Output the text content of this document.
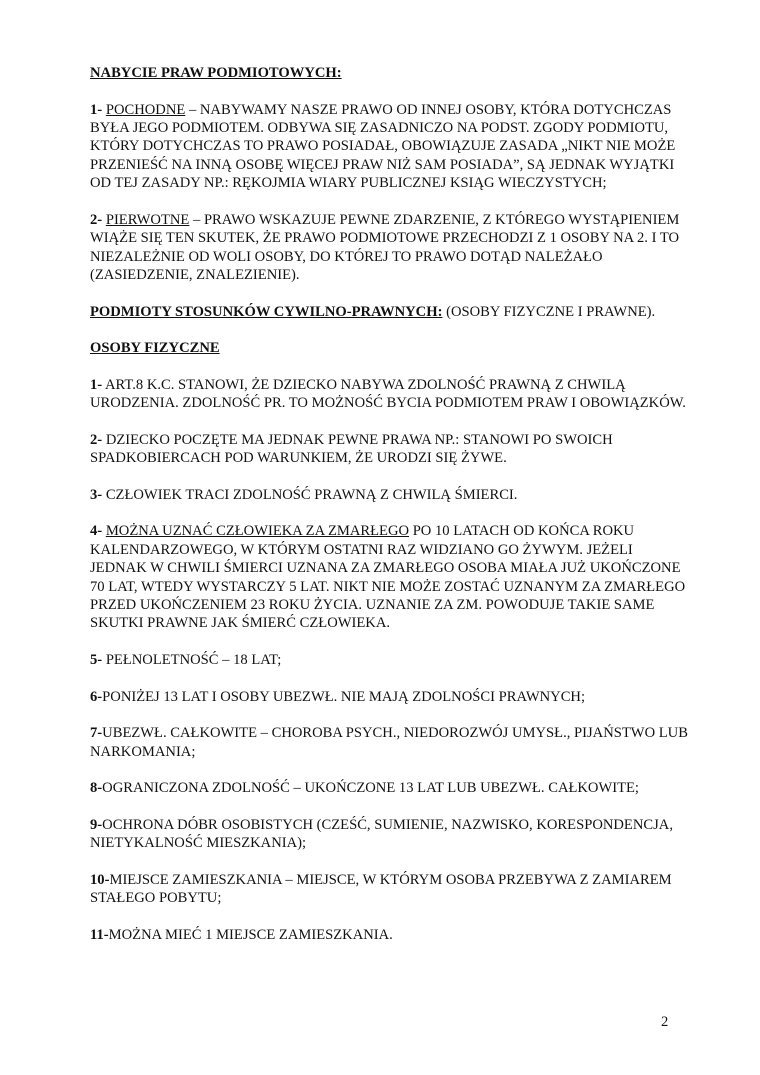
NABYCIE PRAW PODMIOTOWYCH:

1- POCHODNE – NABYWAMY NASZE PRAWO OD INNEJ OSOBY, KTÓRA DOTYCHCZAS BYŁA JEGO PODMIOTEM. ODBYWA SIĘ ZASADNICZO NA PODST. ZGODY PODMIOTU, KTÓRY DOTYCHCZAS TO PRAWO POSIADAŁ, OBOWIĄZUJE ZASADA „NIKT NIE MOŻE PRZENIEŚĆ NA INNĄ OSOBĘ WIĘCEJ PRAW NIŻ SAM POSIADA”, SĄ JEDNAK WYJĄTKI OD TEJ ZASADY NP.: RĘKOJMIA WIARY PUBLICZNEJ KSIĄG WIECZYSTYCH;

2- PIERWOTNE – PRAWO WSKAZUJE PEWNE ZDARZENIE, Z KTÓREGO WYSTĄPIENIEM WIĄŻE SIĘ TEN SKUTEK, ŻE PRAWO PODMIOTOWE PRZECHODZI Z 1 OSOBY NA 2. I TO NIEZALEŻNIE OD WOLI OSOBY, DO KTÓREJ TO PRAWO DOTĄD NALEŻAŁO (ZASIEDZENIE, ZNALEZIENIE).

PODMIOTY STOSUNKÓW CYWILNO-PRAWNYCH: (OSOBY FIZYCZNE I PRAWNE).

OSOBY FIZYCZNE

1- ART.8 K.C. STANOWI, ŻE DZIECKO NABYWA ZDOLNOŚĆ PRAWNĄ Z CHWILĄ URODZENIA. ZDOLNOŚĆ PR. TO MOŻNOŚĆ BYCIA PODMIOTEM PRAW I OBOWIĄZKÓW.

2- DZIECKO POCZĘTE MA JEDNAK PEWNE PRAWA NP.: STANOWI PO SWOICH SPADKOBIERCACH POD WARUNKIEM, ŻE URODZI SIĘ ŻYWE.

3- CZŁOWIEK TRACI ZDOLNOŚĆ PRAWNĄ Z CHWILĄ ŚMIERCI.

4- MOŻNA UZNAĆ CZŁOWIEKA ZA ZMARŁEGO PO 10 LATACH OD KOŃCA ROKU KALENDARZOWEGO, W KTÓRYM OSTATNI RAZ WIDZIANO GO ŻYWYM. JEŻELI JEDNAK W CHWILI ŚMIERCI UZNANA ZA ZMARŁEGO OSOBA MIAŁA JUŻ UKOŃCZONE 70 LAT, WTEDY WYSTARCZY 5 LAT. NIKT NIE MOŻE ZOSTAĆ UZNANYM ZA ZMARŁEGO PRZED UKOŃCZENIEM 23 ROKU ŻYCIA. UZNANIE ZA ZM. POWODUJE TAKIE SAME SKUTKI PRAWNE JAK ŚMIERĆ CZŁOWIEKA.

5- PEŁNOLETNOŚĆ – 18 LAT;

6-PONIŻEJ 13 LAT I OSOBY UBEZWŁ. NIE MAJĄ ZDOLNOŚCI PRAWNYCH;

7-UBEZWŁ. CAŁKOWITE – CHOROBA PSYCH., NIEDOROZWÓJ UMYSŁ., PIJAŃSTWO LUB NARKOMANIA;

8-OGRANICZONA ZDOLNOŚĆ – UKOŃCZONE 13 LAT LUB UBEZWŁ. CAŁKOWITE;

9-OCHRONA DÓBR OSOBISTYCH (CZEŚĆ, SUMIENIE, NAZWISKO, KORESPONDENCJA, NIETYKALNOŚĆ MIESZKANIA);

10-MIEJSCE ZAMIESZKANIA – MIEJSCE, W KTÓRYM OSOBA PRZEBYWA Z ZAMIAREM STAŁEGO POBYTU;

11-MOŻNA MIEĆ 1 MIEJSCE ZAMIESZKANIA.

2
